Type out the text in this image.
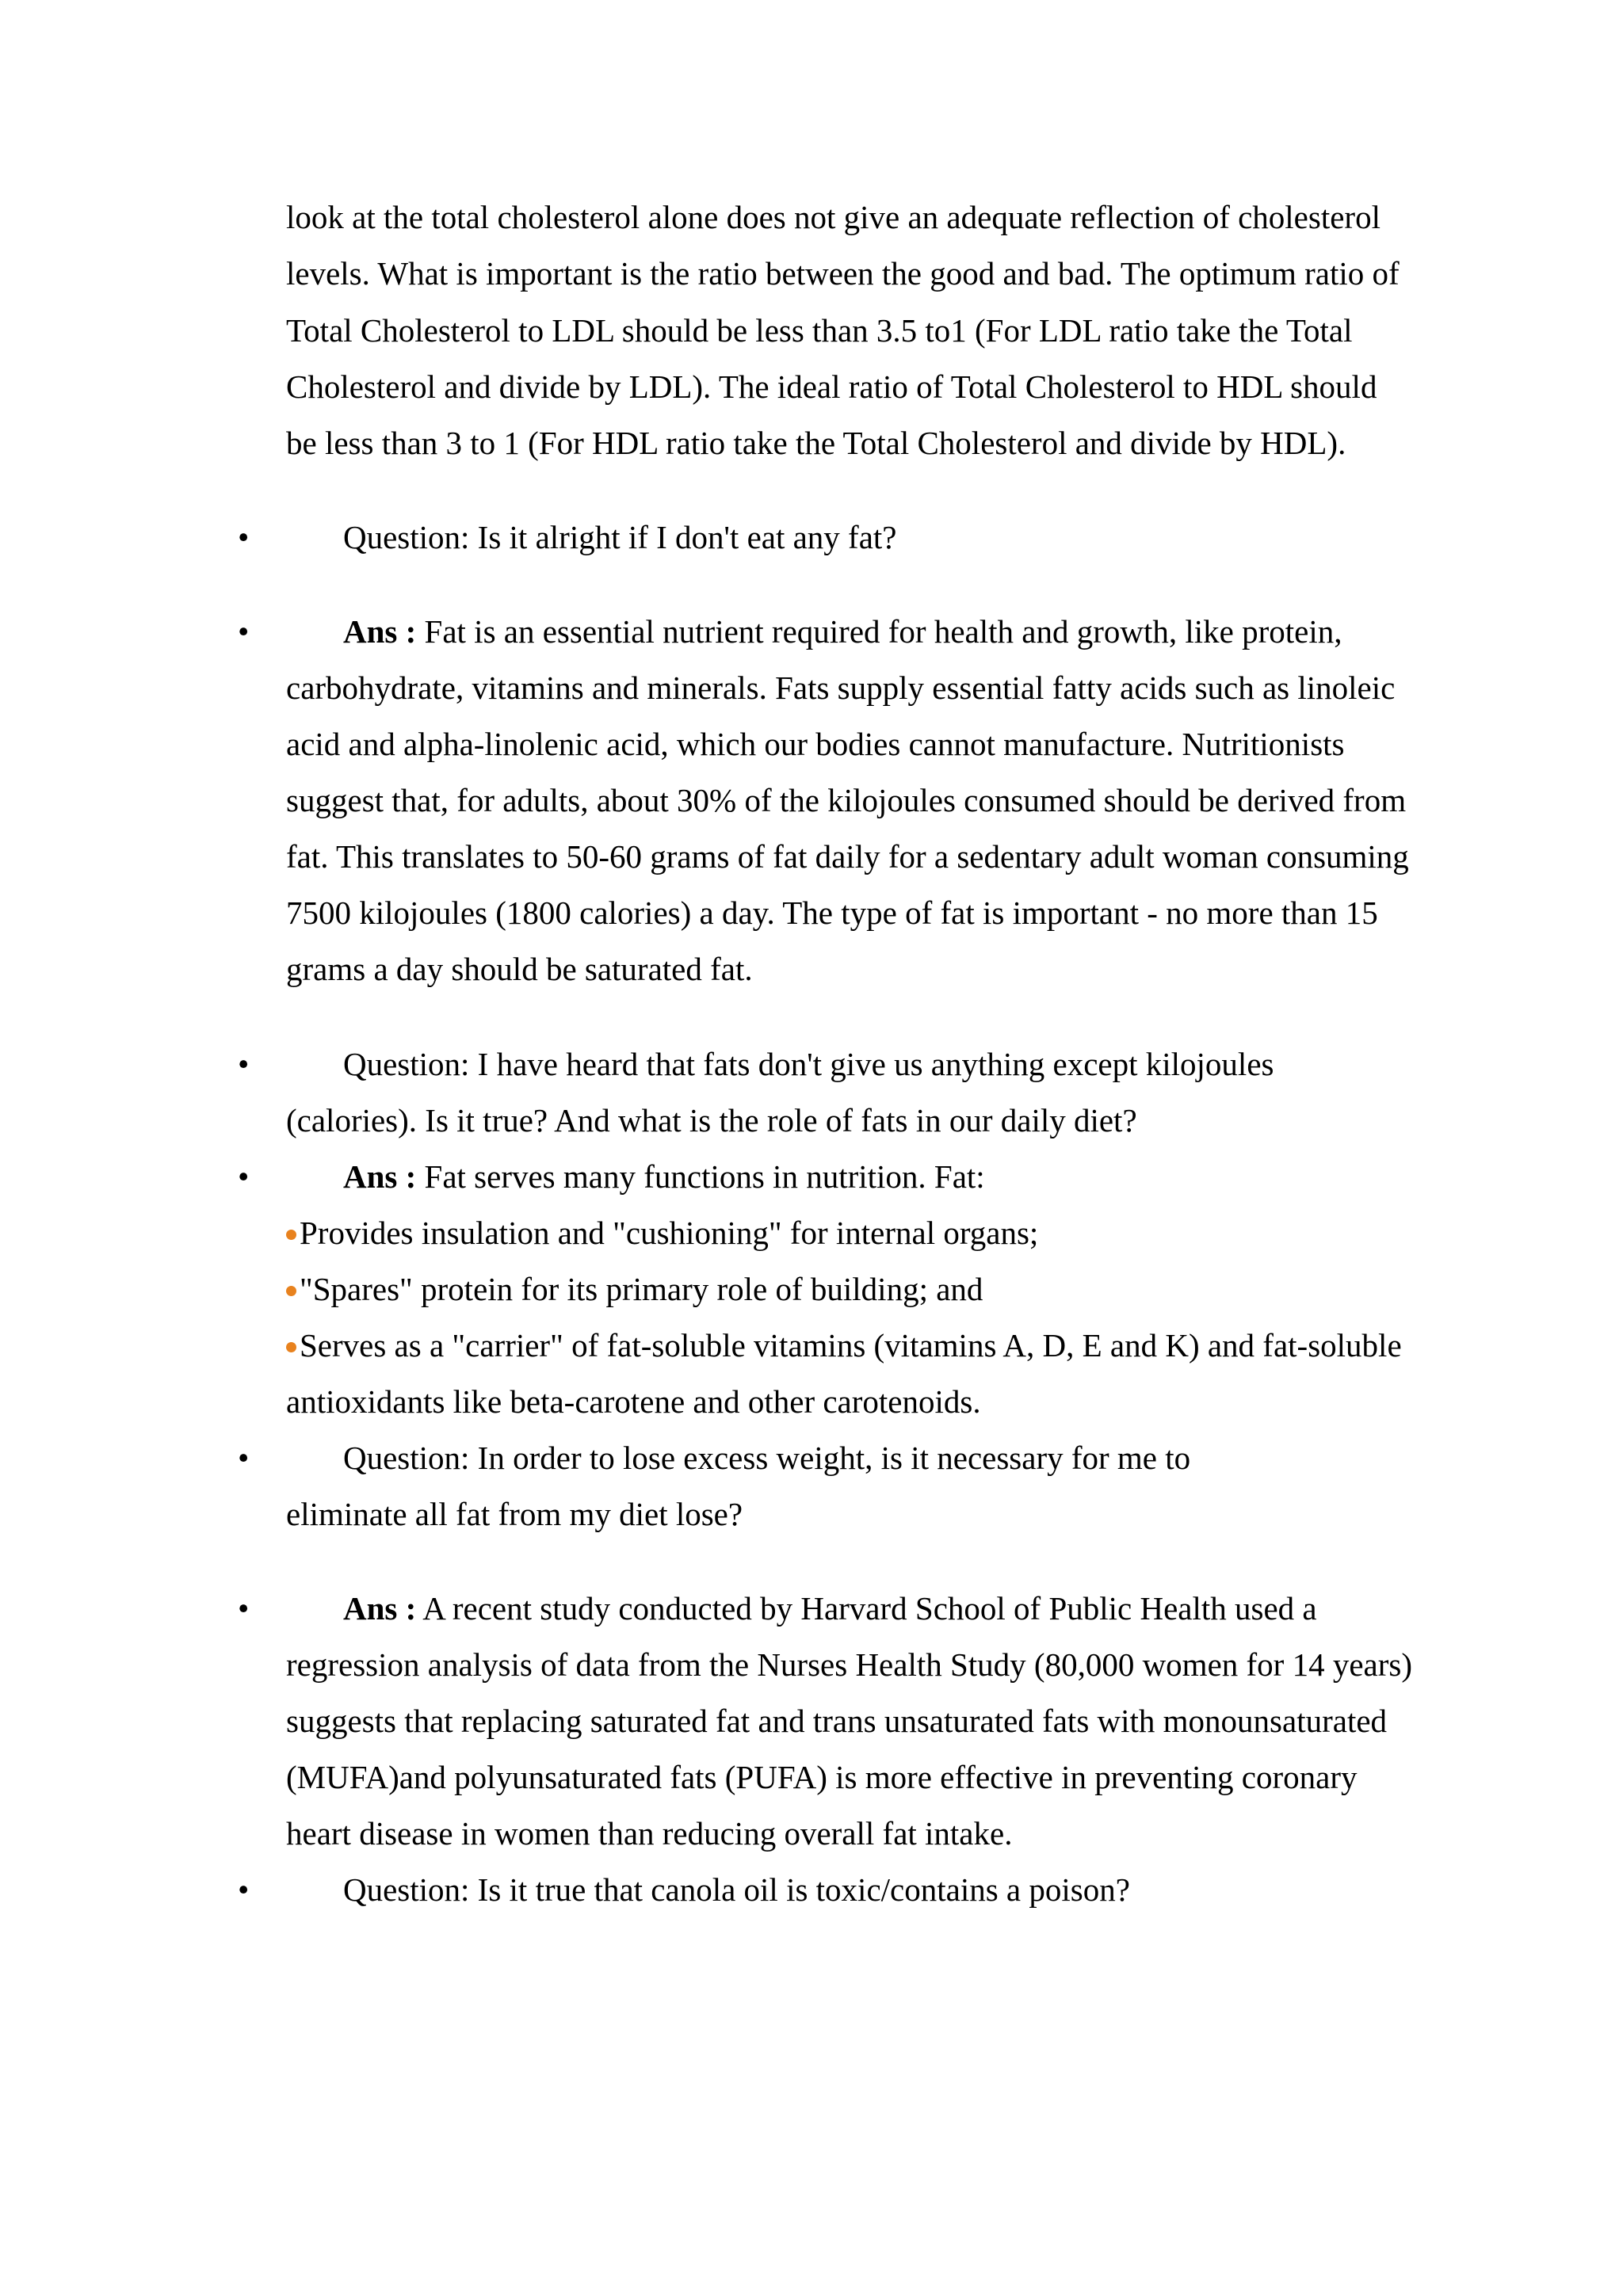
look at the total cholesterol alone does not give an adequate reflection of cholesterol
levels. What is important is the ratio between the good and bad. The optimum ratio of
Total Cholesterol to LDL should be less than 3.5 to1 (For LDL ratio take the Total
Cholesterol and divide by LDL). The ideal ratio of Total Cholesterol to HDL should
be less than 3 to 1 (For HDL ratio take the Total Cholesterol and divide by HDL).
•	Question: Is it alright if I don't eat any fat?
•	Ans : Fat is an essential nutrient required for health and growth, like protein,
carbohydrate, vitamins and minerals. Fats supply essential fatty acids such as linoleic
acid and alpha-linolenic acid, which our bodies cannot manufacture. Nutritionists
suggest that, for adults, about 30% of the kilojoules consumed should be derived from
fat. This translates to 50-60 grams of fat daily for a sedentary adult woman consuming
7500 kilojoules (1800 calories) a day. The type of fat is important - no more than 15
grams a day should be saturated fat.
•	Question: I have heard that fats don't give us anything except kilojoules
(calories). Is it true? And what is the role of fats in our daily diet?
•	Ans : Fat serves many functions in nutrition. Fat:
Provides insulation and "cushioning" for internal organs;
"Spares" protein for its primary role of building; and
Serves as a "carrier" of fat-soluble vitamins (vitamins A, D, E and K) and fat-soluble
antioxidants like beta-carotene and other carotenoids.
•	Question: In order to lose excess weight, is it necessary for me to
eliminate all fat from my diet lose?
•	Ans : A recent study conducted by Harvard School of Public Health used a
regression analysis of data from the Nurses Health Study (80,000 women for 14 years)
suggests that replacing saturated fat and trans unsaturated fats with monounsaturated
(MUFA)and polyunsaturated fats (PUFA) is more effective in preventing coronary
heart disease in women than reducing overall fat intake.
•	Question: Is it true that canola oil is toxic/contains a poison?
